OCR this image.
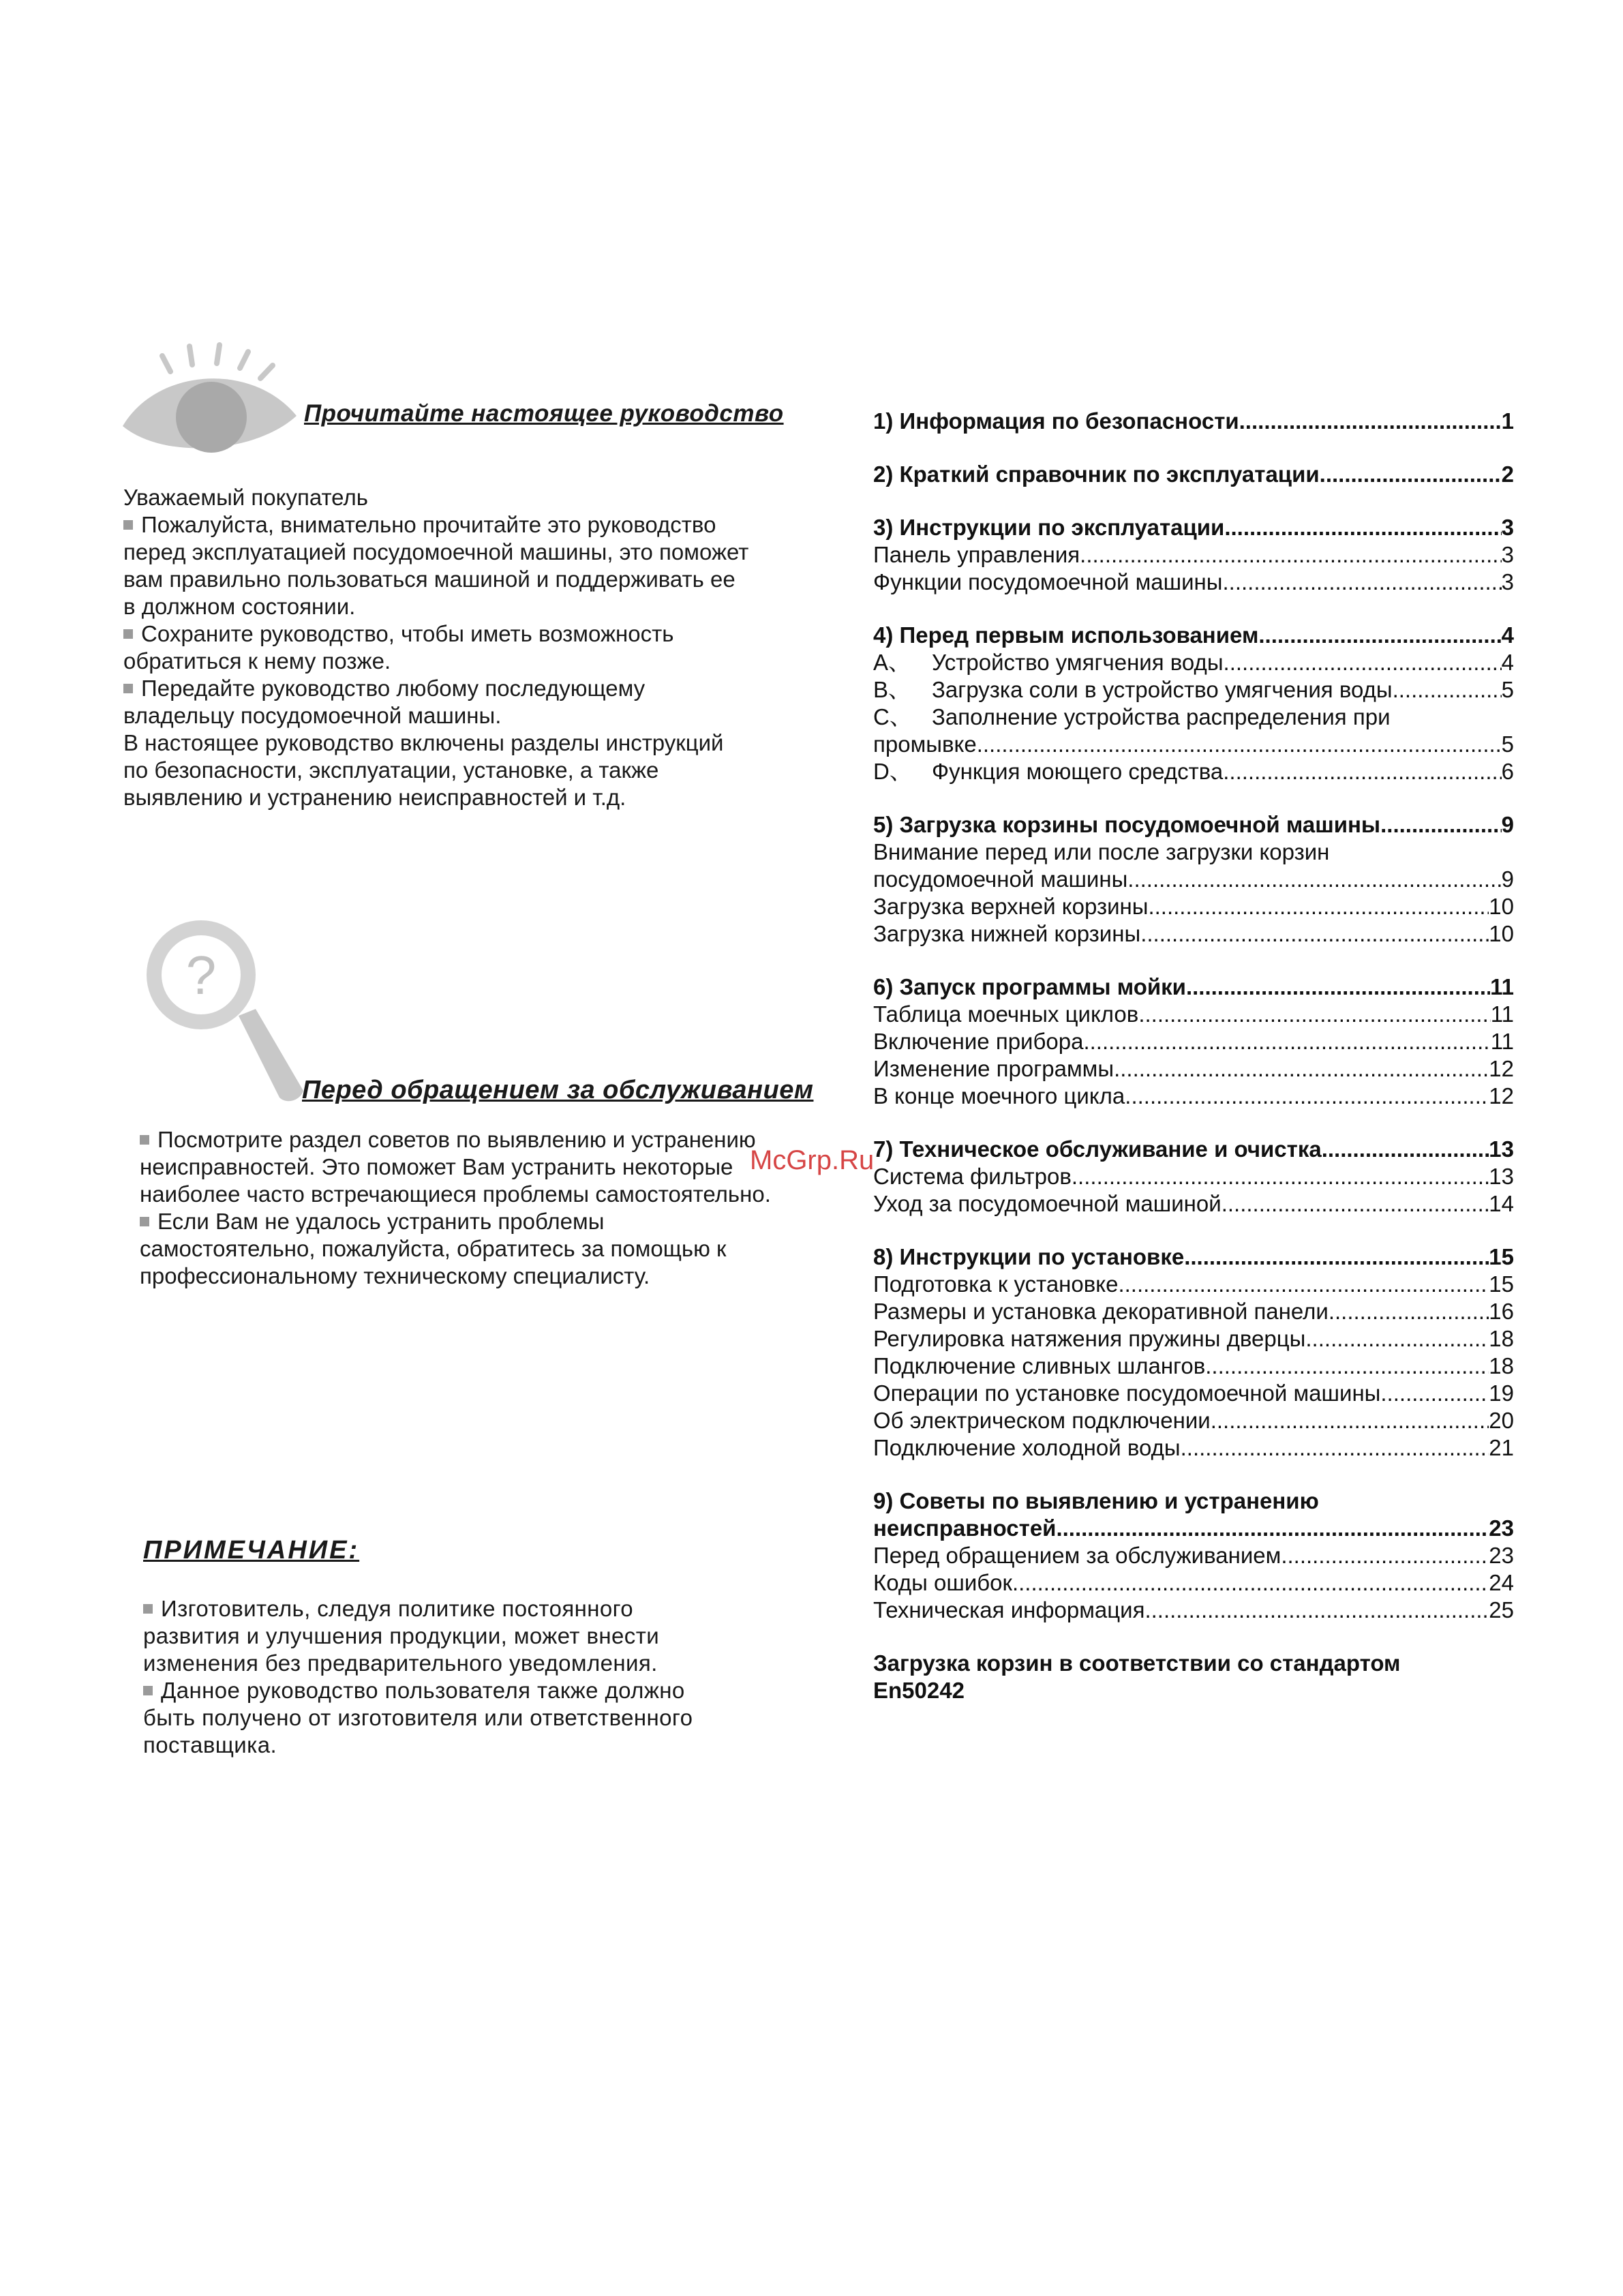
Прочитайте настоящее руководство
Уважаемый покупатель
Пожалуйста, внимательно прочитайте это руководство
перед эксплуатацией посудомоечной машины, это поможет
вам правильно пользоваться машиной и поддерживать ее
в должном состоянии.
Сохраните руководство, чтобы иметь возможность
обратиться к нему позже.
Передайте руководство любому последующему
владельцу посудомоечной машины.
В настоящее руководство включены разделы инструкций
по безопасности, эксплуатации, установке, а также
выявлению и устранению неисправностей и т.д.
?
Перед обращением за обслуживанием
Посмотрите раздел советов по выявлению и устранению
неисправностей. Это поможет Вам устранить некоторые
наиболее часто встречающиеся проблемы самостоятельно.
Если Вам не удалось устранить проблемы
самостоятельно, пожалуйста, обратитесь за помощью к
профессиональному техническому специалисту.
McGrp.Ru
ПРИМЕЧАНИЕ:
Изготовитель, следуя политике постоянного
развития и улучшения продукции, может внести
изменения без предварительного уведомления.
Данное руководство пользователя также должно
быть получено от изготовителя или ответственного
поставщика.
1) Информация по безопасности .....	.1
2) Краткий справочник по эксплуатации .....	2
3) Инструкции по эксплуатации .....	3
Панель управления .....	3
Функции посудомоечной машины .....	3
4) Перед первым использованием .....	4
A、 Устройство умягчения воды .....	4
B、 Загрузка соли в устройство умягчения воды .....	5
C、 Заполнение устройства распределения при
промывке .....	5
D、 Функция моющего средства .....	6
5) Загрузка корзины посудомоечной машины .....	9
Внимание перед или после загрузки корзин
посудомоечной машины .....	9
Загрузка верхней корзины .....	10
Загрузка нижней корзины .....	10
6) Запуск программы мойки .....	11
Таблица моечных циклов .....	11
Включение прибора .....	11
Изменение программы .....	12
В конце моечного цикла .....	12
7) Техническое обслуживание и очистка .....	13
Система фильтров .....	13
Уход за посудомоечной машиной .....	14
8) Инструкции по установке .....	15
Подготовка к установке .....	15
Размеры и установка декоративной панели .....	16
Регулировка натяжения пружины дверцы .....	18
Подключение сливных шлангов .....	18
Операции по установке посудомоечной машины .....	19
Об электрическом подключении .....	20
Подключение холодной воды .....	21
9) Советы по выявлению и устранению
неисправностей .....	23
Перед обращением за обслуживанием .....	23
Коды ошибок .....	24
Техническая информация .....	25
Загрузка корзин в соответствии со стандартом
En50242
